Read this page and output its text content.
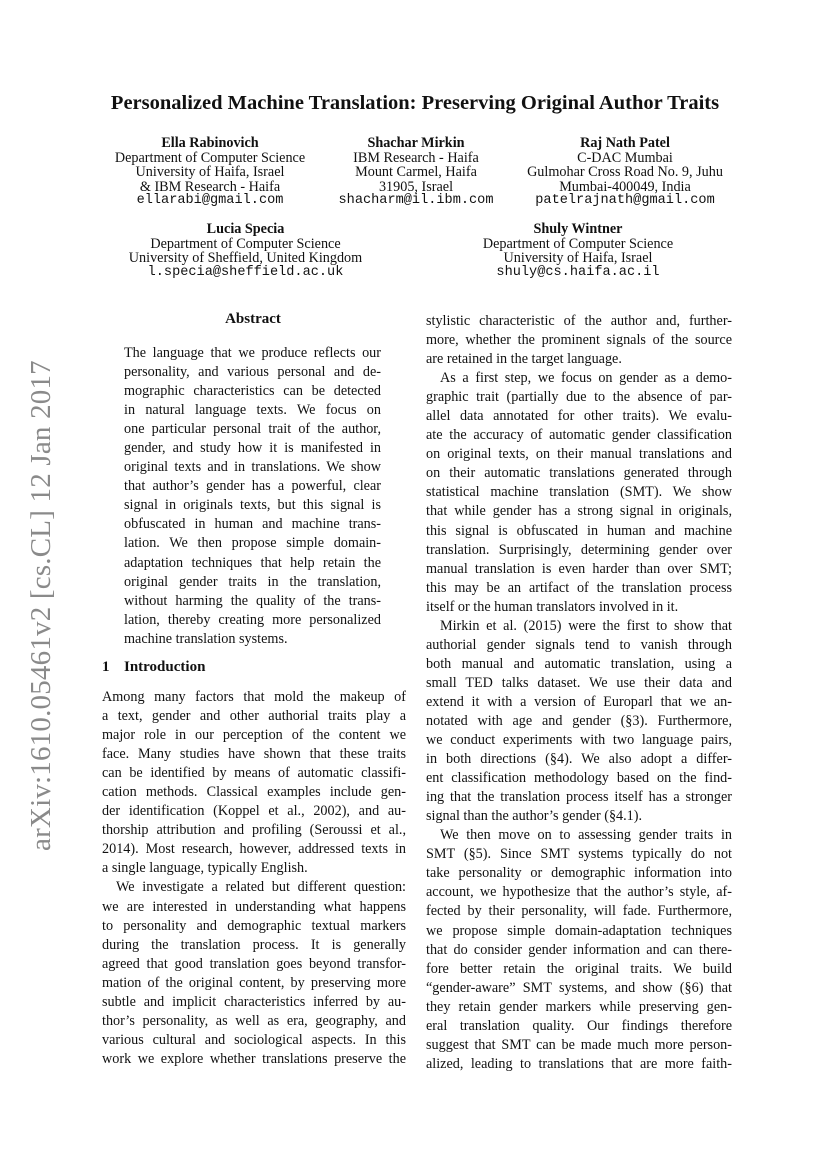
arXiv:1610.05461v2 [cs.CL] 12 Jan 2017
Personalized Machine Translation: Preserving Original Author Traits
Ella Rabinovich
Department of Computer Science
University of Haifa, Israel
& IBM Research - Haifa
ellarabi@gmail.com
Shachar Mirkin
IBM Research - Haifa
Mount Carmel, Haifa
31905, Israel
shacharm@il.ibm.com
Raj Nath Patel
C-DAC Mumbai
Gulmohar Cross Road No. 9, Juhu
Mumbai-400049, India
patelrajnath@gmail.com
Lucia Specia
Department of Computer Science
University of Sheffield, United Kingdom
l.specia@sheffield.ac.uk
Shuly Wintner
Department of Computer Science
University of Haifa, Israel
shuly@cs.haifa.ac.il
Abstract
The language that we produce reflects our
personality, and various personal and de-
mographic characteristics can be detected
in natural language texts. We focus on
one particular personal trait of the author,
gender, and study how it is manifested in
original texts and in translations. We show
that author’s gender has a powerful, clear
signal in originals texts, but this signal is
obfuscated in human and machine trans-
lation. We then propose simple domain-
adaptation techniques that help retain the
original gender traits in the translation,
without harming the quality of the trans-
lation, thereby creating more personalized
machine translation systems.
1 Introduction

Among many factors that mold the makeup of
a text, gender and other authorial traits play a
major role in our perception of the content we
face. Many studies have shown that these traits
can be identified by means of automatic classifi-
cation methods. Classical examples include gen-
der identification (Koppel et al., 2002), and au-
thorship attribution and profiling (Seroussi et al.,
2014). Most research, however, addressed texts in
a single language, typically English.

We investigate a related but different question:
we are interested in understanding what happens
to personality and demographic textual markers
during the translation process. It is generally
agreed that good translation goes beyond transfor-
mation of the original content, by preserving more
subtle and implicit characteristics inferred by au-
thor’s personality, as well as era, geography, and
various cultural and sociological aspects. In this
work we explore whether translations preserve the

stylistic characteristic of the author and, further-
more, whether the prominent signals of the source
are retained in the target language.

As a first step, we focus on gender as a demo-
graphic trait (partially due to the absence of par-
allel data annotated for other traits). We evalu-
ate the accuracy of automatic gender classification
on original texts, on their manual translations and
on their automatic translations generated through
statistical machine translation (SMT). We show
that while gender has a strong signal in originals,
this signal is obfuscated in human and machine
translation. Surprisingly, determining gender over
manual translation is even harder than over SMT;
this may be an artifact of the translation process
itself or the human translators involved in it.

Mirkin et al. (2015) were the first to show that
authorial gender signals tend to vanish through
both manual and automatic translation, using a
small TED talks dataset. We use their data and
extend it with a version of Europarl that we an-
notated with age and gender (§3). Furthermore,
we conduct experiments with two language pairs,
in both directions (§4). We also adopt a differ-
ent classification methodology based on the find-
ing that the translation process itself has a stronger
signal than the author’s gender (§4.1).

We then move on to assessing gender traits in
SMT (§5). Since SMT systems typically do not
take personality or demographic information into
account, we hypothesize that the author’s style, af-
fected by their personality, will fade. Furthermore,
we propose simple domain-adaptation techniques
that do consider gender information and can there-
fore better retain the original traits. We build
“gender-aware” SMT systems, and show (§6) that
they retain gender markers while preserving gen-
eral translation quality. Our findings therefore
suggest that SMT can be made much more person-
alized, leading to translations that are more faith-
